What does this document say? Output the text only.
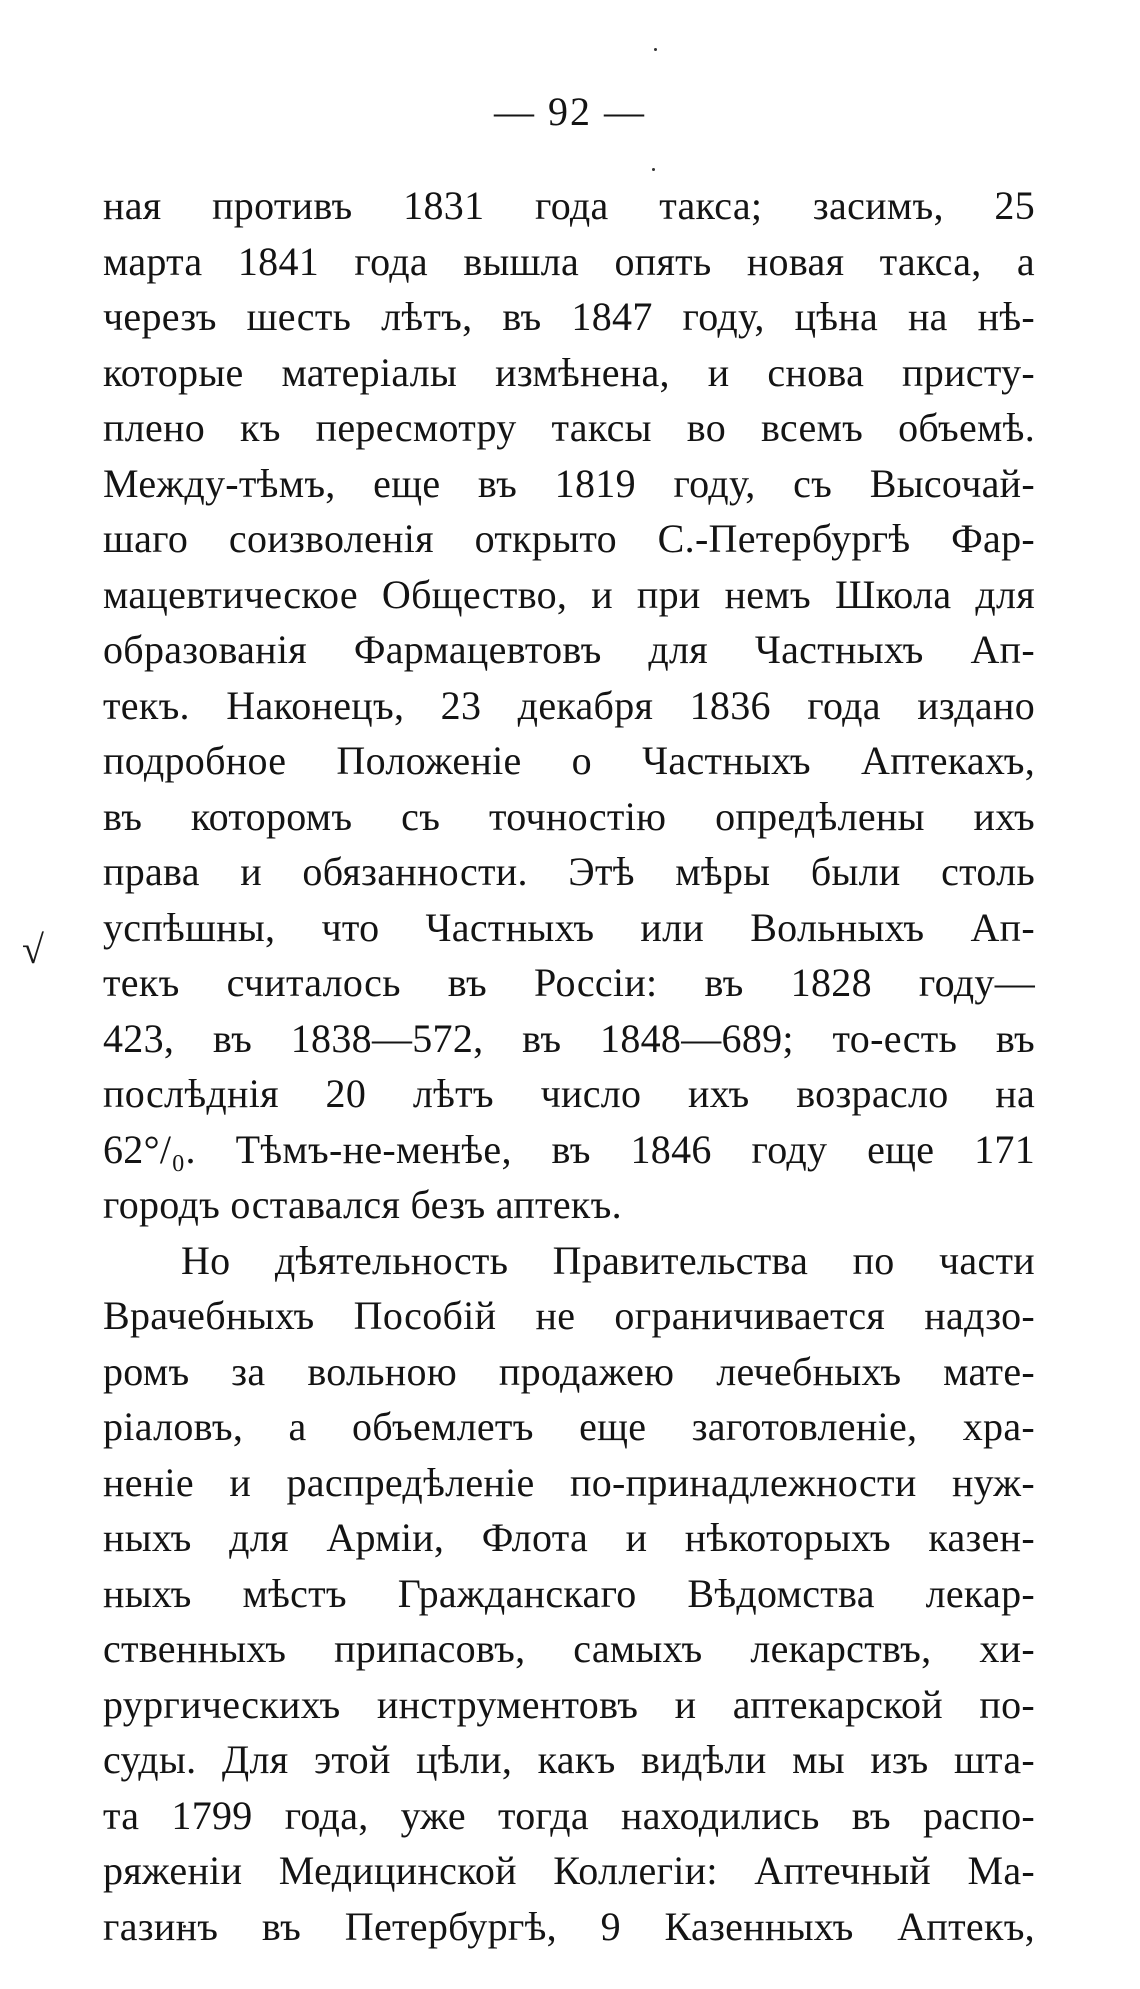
— 92 —
√
ная противъ 1831 года такса; засимъ, 25
марта 1841 года вышла опять новая такса, а
черезъ шесть лѣтъ, въ 1847 году, цѣна на нѣ-
которые матеріалы измѣнена, и снова присту-
плено къ пересмотру таксы во всемъ объемѣ.
Между-тѣмъ, еще въ 1819 году, съ Высочай-
шаго соизволенія открыто С.-Петербургѣ Фар-
мацевтическое Общество, и при немъ Школа для
образованія Фармацевтовъ для Частныхъ Ап-
текъ. Наконецъ, 23 декабря 1836 года издано
подробное Положеніе о Частныхъ Аптекахъ,
въ которомъ съ точностію опредѣлены ихъ
права и обязанности. Этѣ мѣры были столь
успѣшны, что Частныхъ или Вольныхъ Ап-
текъ считалось въ Россіи: въ 1828 году—
423, въ 1838—572, въ 1848—689; то-есть въ
послѣднія 20 лѣтъ число ихъ возрасло на
62°/₀. Тѣмъ-не-менѣе, въ 1846 году еще 171
городъ оставался безъ аптекъ.
Но дѣятельность Правительства по части
Врачебныхъ Пособій не ограничивается надзо-
ромъ за вольною продажею лечебныхъ мате-
ріаловъ, а объемлетъ еще заготовленіе, хра-
неніе и распредѣленіе по-принадлежности нуж-
ныхъ для Арміи, Флота и нѣкоторыхъ казен-
ныхъ мѣстъ Гражданскаго Вѣдомства лекар-
ственныхъ припасовъ, самыхъ лекарствъ, хи-
рургическихъ инструментовъ и аптекарской по-
суды. Для этой цѣли, какъ видѣли мы изъ шта-
та 1799 года, уже тогда находились въ распо-
ряженіи Медицинской Коллегіи: Аптечный Ма-
газинъ въ Петербургѣ, 9 Казенныхъ Аптекъ,
